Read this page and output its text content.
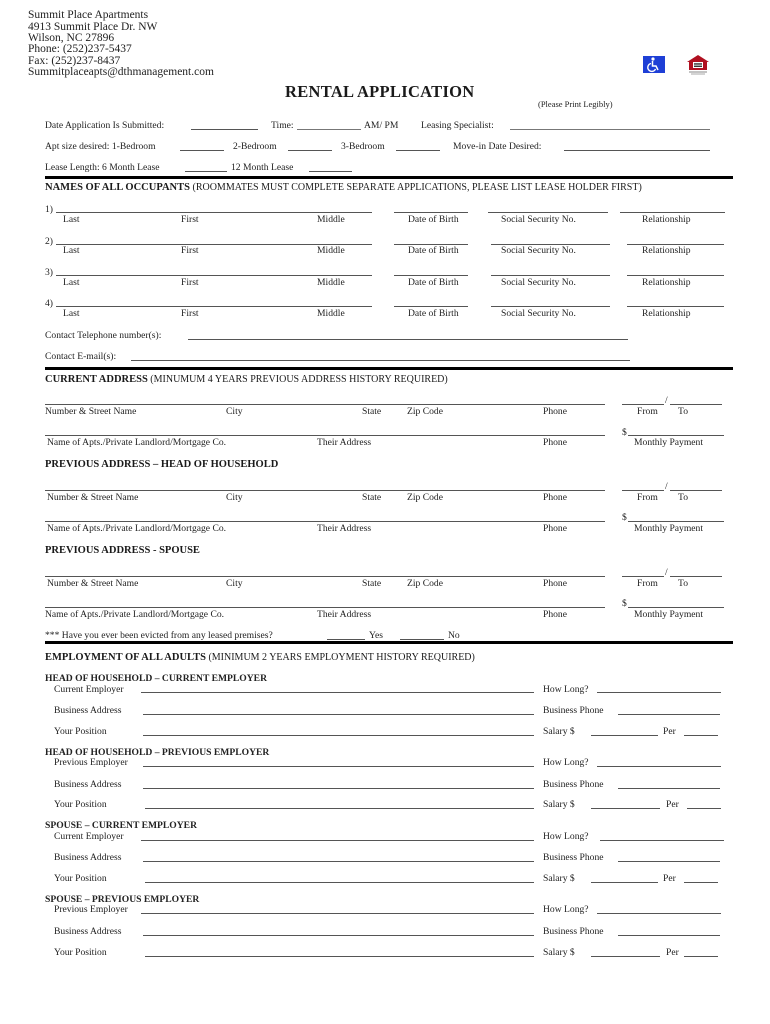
Summit Place Apartments
4913 Summit Place Dr. NW
Wilson, NC 27896
Phone: (252)237-5437
Fax: (252)237-8437
Summitplaceapts@dthmanagement.com
RENTAL APPLICATION
(Please Print Legibly)
Date Application Is Submitted:	Time:	AM/ PM Leasing Specialist:
Apt size desired: 1-Bedroom	2-Bedroom	3-Bedroom	Move-in Date Desired:
Lease Length: 6 Month Lease	12 Month Lease
NAMES OF ALL OCCUPANTS (ROOMMATES MUST COMPLETE SEPARATE APPLICATIONS, PLEASE LIST LEASE HOLDER FIRST)
1)
Last	First	Middle	Date of Birth	Social Security No.	Relationship
2)
Last	First	Middle	Date of Birth	Social Security No.	Relationship
3)
Last	First	Middle	Date of Birth	Social Security No.	Relationship
4)
Last	First	Middle	Date of Birth	Social Security No.	Relationship
Contact Telephone number(s):
Contact E-mail(s):
CURRENT ADDRESS (MINUMUM 4 YEARS PREVIOUS ADDRESS HISTORY REQUIRED)
/
Number & Street Name	City	State	Zip Code	Phone	From To
$
Name of Apts./Private Landlord/Mortgage Co.	Their Address	Phone	Monthly Payment
PREVIOUS ADDRESS – HEAD OF HOUSEHOLD
/
Number & Street Name	City	State	Zip Code	Phone	From To
$
Name of Apts./Private Landlord/Mortgage Co.	Their Address	Phone	Monthly Payment
PREVIOUS ADDRESS - SPOUSE
/
Number & Street Name	City	State	Zip Code	Phone	From To
$
Name of Apts./Private Landlord/Mortgage Co.	Their Address	Phone	Monthly Payment
*** Have you ever been evicted from any leased premises?	Yes	No
EMPLOYMENT OF ALL ADULTS (MINIMUM 2 YEARS EMPLOYMENT HISTORY REQUIRED)
HEAD OF HOUSEHOLD – CURRENT EMPLOYER
Current Employer	How Long?
Business Address	Business Phone
Your Position	Salary $	Per
HEAD OF HOUSEHOLD – PREVIOUS EMPLOYER
Previous Employer	How Long?
Business Address	Business Phone
Your Position	Salary $	Per
SPOUSE – CURRENT EMPLOYER
Current Employer	How Long?
Business Address	Business Phone
Your Position	Salary $	Per
SPOUSE – PREVIOUS EMPLOYER
Previous Employer	How Long?
Business Address	Business Phone
Your Position	Salary $	Per
